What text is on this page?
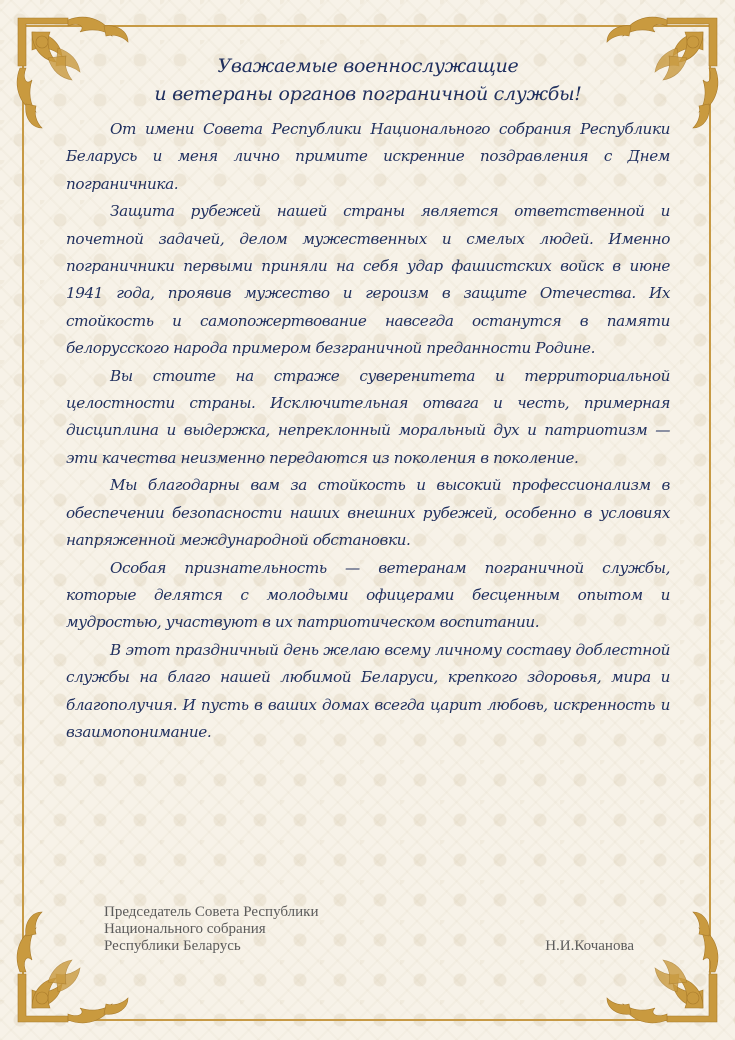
Уважаемые военнослужащие
и ветераны органов пограничной службы!

От имени Совета Республики Национального собрания Республики Беларусь и меня лично примите искренние поздравления с Днем пограничника.

Защита рубежей нашей страны является ответственной и почетной задачей, делом мужественных и смелых людей. Именно пограничники первыми приняли на себя удар фашистских войск в июне 1941 года, проявив мужество и героизм в защите Отечества. Их стойкость и самопожертвование навсегда останутся в памяти белорусского народа примером безграничной преданности Родине.

Вы стоите на страже суверенитета и территориальной целостности страны. Исключительная отвага и честь, примерная дисциплина и выдержка, непреклонный моральный дух и патриотизм — эти качества неизменно передаются из поколения в поколение.

Мы благодарны вам за стойкость и высокий профессионализм в обеспечении безопасности наших внешних рубежей, особенно в условиях напряженной международной обстановки.

Особая признательность — ветеранам пограничной службы, которые делятся с молодыми офицерами бесценным опытом и мудростью, участвуют в их патриотическом воспитании.

В этот праздничный день желаю всему личному составу доблестной службы на благо нашей любимой Беларуси, крепкого здоровья, мира и благополучия. И пусть в ваших домах всегда царит любовь, искренность и взаимопонимание.

Председатель Совета Республики
Национального собрания
Республики Беларусь	Н.И.Кочанова
